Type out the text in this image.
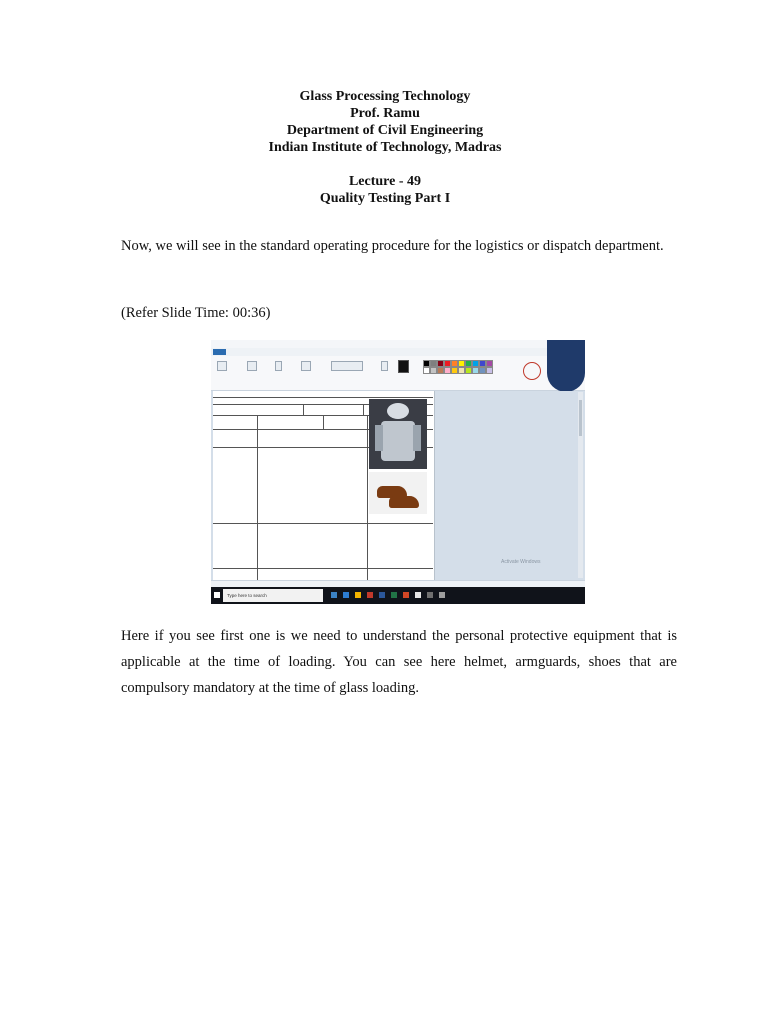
Glass Processing Technology
Prof. Ramu
Department of Civil Engineering
Indian Institute of Technology, Madras
Lecture - 49
Quality Testing Part I
Now, we will see in the standard operating procedure for the logistics or dispatch department.
(Refer Slide Time: 00:36)
Activate Windows
Type here to search
Here if you see first one is we need to understand the personal protective equipment that is applicable at the time of loading. You can see here helmet, armguards, shoes that are compulsory mandatory at the time of glass loading.
